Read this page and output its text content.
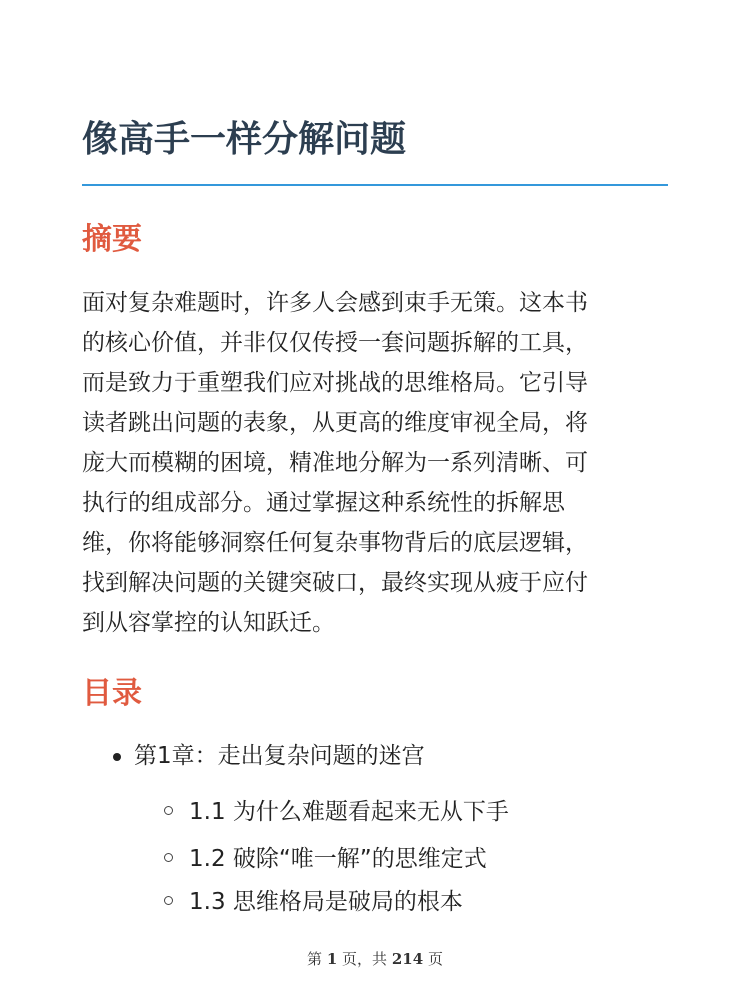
像高手一样分解问题
摘要

面对复杂难题时，许多人会感到束手无策。这本书
的核心价值，并非仅仅传授一套问题拆解的工具，
而是致力于重塑我们应对挑战的思维格局。它引导
读者跳出问题的表象，从更高的维度审视全局，将
庞大而模糊的困境，精准地分解为一系列清晰、可
执行的组成部分。通过掌握这种系统性的拆解思
维，你将能够洞察任何复杂事物背后的底层逻辑，
找到解决问题的关键突破口，最终实现从疲于应付
到从容掌控的认知跃迁。

目录
第1章：走出复杂问题的迷宫
1.1 为什么难题看起来无从下手
1.2 破除“唯一解”的思维定式
1.3 思维格局是破局的根本
第 1 页，共 214 页
